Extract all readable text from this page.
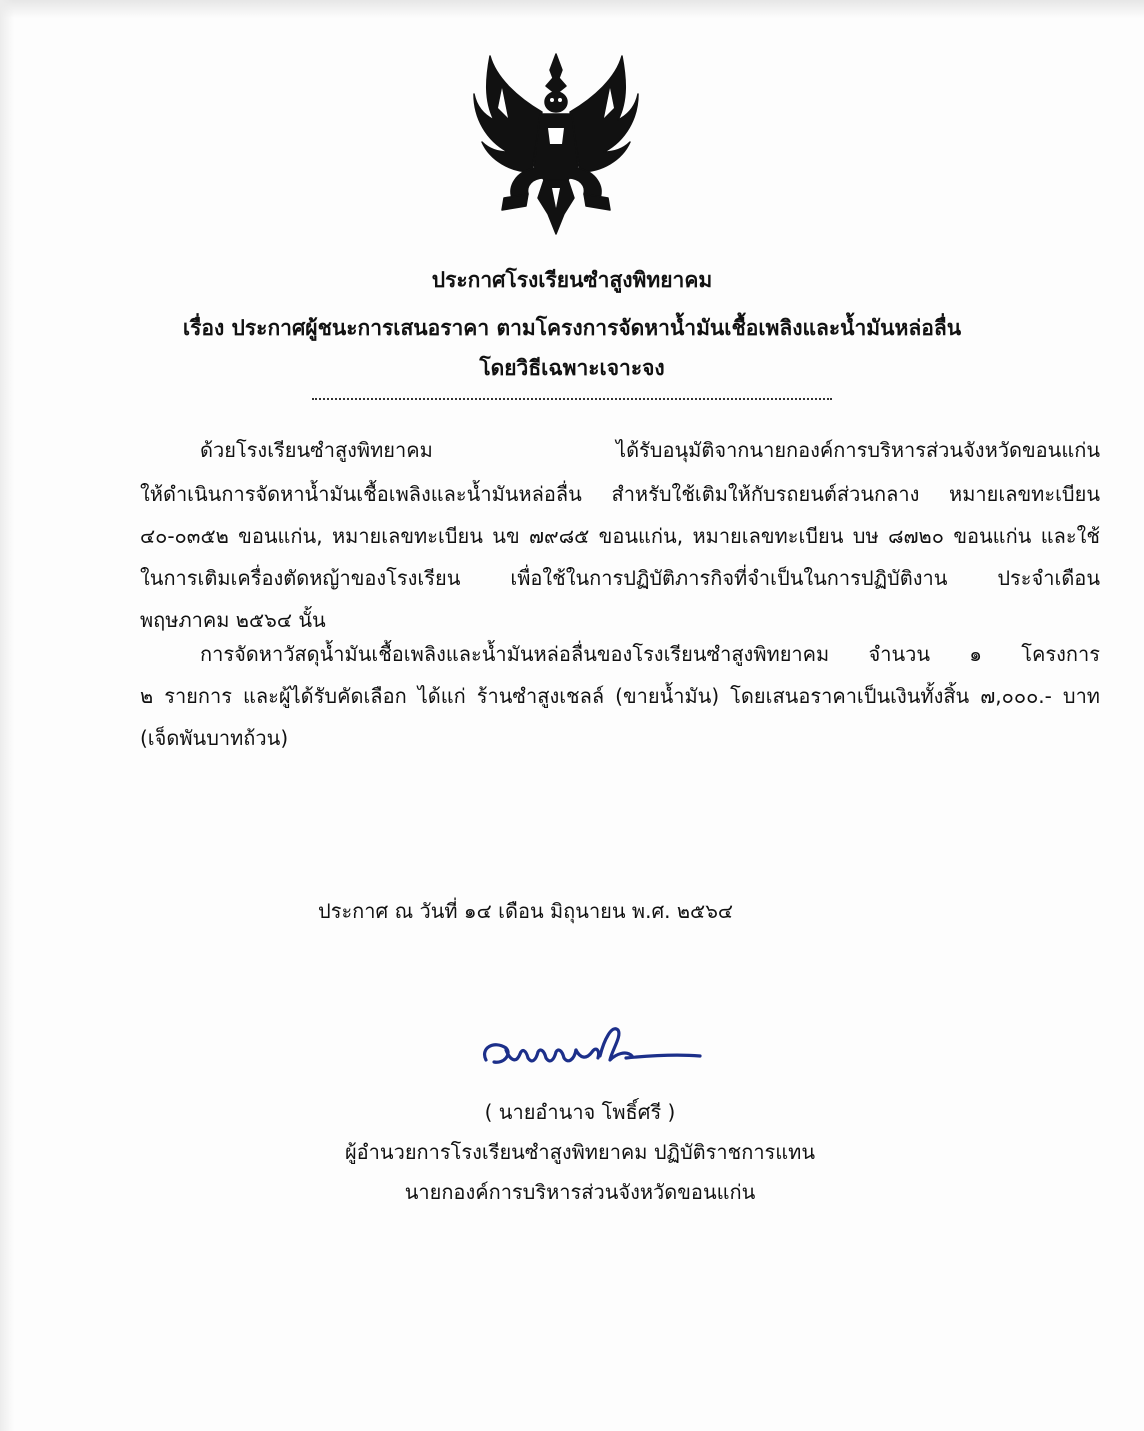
ประกาศโรงเรียนซำสูงพิทยาคม
เรื่อง ประกาศผู้ชนะการเสนอราคา ตามโครงการจัดหาน้ำมันเชื้อเพลิงและน้ำมันหล่อลื่น
โดยวิธีเฉพาะเจาะจง
ด้วยโรงเรียนซำสูงพิทยาคม ได้รับอนุมัติจากนายกองค์การบริหารส่วนจังหวัดขอนแก่น
ให้ดำเนินการจัดหาน้ำมันเชื้อเพลิงและน้ำมันหล่อลื่น สำหรับใช้เติมให้กับรถยนต์ส่วนกลาง หมายเลขทะเบียน
๔๐-๐๓๕๒ ขอนแก่น, หมายเลขทะเบียน นข ๗๙๘๕ ขอนแก่น, หมายเลขทะเบียน บษ ๘๗๒๐ ขอนแก่น และใช้
ในการเติมเครื่องตัดหญ้าของโรงเรียน เพื่อใช้ในการปฏิบัติภารกิจที่จำเป็นในการปฏิบัติงาน ประจำเดือน
พฤษภาคม ๒๕๖๔ นั้น
การจัดหาวัสดุน้ำมันเชื้อเพลิงและน้ำมันหล่อลื่นของโรงเรียนซำสูงพิทยาคม จำนวน ๑ โครงการ
๒ รายการ และผู้ได้รับคัดเลือก ได้แก่ ร้านซำสูงเชลล์ (ขายน้ำมัน) โดยเสนอราคาเป็นเงินทั้งสิ้น ๗,๐๐๐.- บาท
(เจ็ดพันบาทถ้วน)
ประกาศ ณ วันที่ ๑๔ เดือน มิถุนายน พ.ศ. ๒๕๖๔
( นายอำนาจ โพธิ์ศรี )
ผู้อำนวยการโรงเรียนซำสูงพิทยาคม ปฏิบัติราชการแทน
นายกองค์การบริหารส่วนจังหวัดขอนแก่น
